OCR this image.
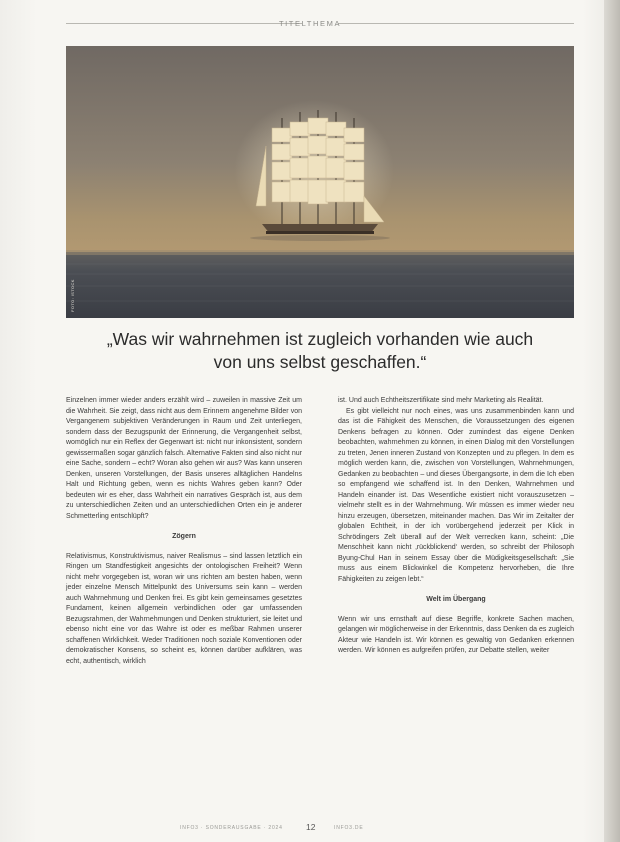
TITELTHEMA
FOTO: ISTOCK
„Was wir wahrnehmen ist zugleich vorhanden wie auch
von uns selbst geschaffen.“

Einzelnen immer wieder anders erzählt wird – zuweilen in massive Zeit um die Wahrheit. Sie zeigt, dass nicht aus dem Erinnern angenehme Bilder von Vergangenem subjektiven Veränderungen in Raum und Zeit unterliegen, sondern dass der Bezugspunkt der Erinnerung, die Vergangenheit selbst, womöglich nur ein Reflex der Gegenwart ist: nicht nur inkonsistent, sondern gewissermaßen sogar gänzlich falsch. Alternative Fakten sind also nicht nur eine Sache, sondern – echt? Woran also gehen wir aus? Was kann unseren Denken, unseren Vorstellungen, der Basis unseres alltäglichen Handelns Halt und Richtung geben, wenn es nichts Wahres geben kann? Oder bedeuten wir es eher, dass Wahrheit ein narratives Gespräch ist, aus dem zu unterschiedlichen Zeiten und an unterschiedlichen Orten ein je anderer Schmetterling entschlüpft?

Zögern

Relativismus, Konstruktivismus, naiver Realismus – sind lassen letztlich ein Ringen um Standfestigkeit angesichts der ontologischen Freiheit? Wenn nicht mehr vorgegeben ist, woran wir uns richten am besten haben, wenn jeder einzelne Mensch Mittelpunkt des Universums sein kann – werden auch Wahrnehmung und Denken frei. Es gibt kein gemeinsames gesetztes Fundament, keinen allgemein verbindlichen oder gar umfassenden Bezugsrahmen, der Wahrnehmungen und Denken strukturiert, sie leitet und ebenso nicht eine vor das Wahre ist oder es meßbar Rahmen unserer schaffenen Wirklichkeit. Weder Traditionen noch soziale Konventionen oder demokratischer Konsens, so scheint es, können darüber aufklären, was echt, authentisch, wirklich

ist. Und auch Echtheitszertifikate sind mehr Marketing als Realität.

Es gibt vielleicht nur noch eines, was uns zusammenbinden kann und das ist die Fähigkeit des Menschen, die Voraussetzungen des eigenen Denkens befragen zu können. Oder zumindest das eigene Denken beobachten, wahrnehmen zu können, in einen Dialog mit den Vorstellungen zu treten, Jenen inneren Zustand von Konzepten und zu pflegen. In dem es möglich werden kann, die, zwischen von Vorstellungen, Wahrnehmungen, Gedanken zu beobachten – und dieses Übergangsorte, in dem die Ich eben so empfangend wie schaffend ist. In den Denken, Wahrnehmen und Handeln einander ist. Das Wesentliche existiert nicht vorauszusetzen – vielmehr stellt es in der Wahrnehmung. Wir müssen es immer wieder neu hinzu erzeugen, übersetzen, miteinander machen. Das Wir im Zeitalter der globalen Echtheit, in der ich vorübergehend jederzeit per Klick in Schrödingers Zelt überall auf der Welt verrecken kann, scheint: „Die Menschheit kann nicht ‚rückblickend‘ werden, so schreibt der Philosoph Byung-Chul Han in seinem Essay über die Müdigkeitsgesellschaft: „Sie muss aus einem Blickwinkel die Kompetenz hervorheben, die Ihre Fähigkeiten zu zeigen lebt.“

Welt im Übergang

Wenn wir uns ernsthaft auf diese Begriffe, konkrete Sachen machen, gelangen wir möglicherweise in der Erkenntnis, dass Denken da es zugleich Akteur wie Handeln ist. Wir können es gewaltig von Gedanken erkennen werden. Wir können es aufgreifen prüfen, zur Debatte stellen, weiter

INFO3 · SONDERAUSGABE · 2024	12	INFO3.DE
